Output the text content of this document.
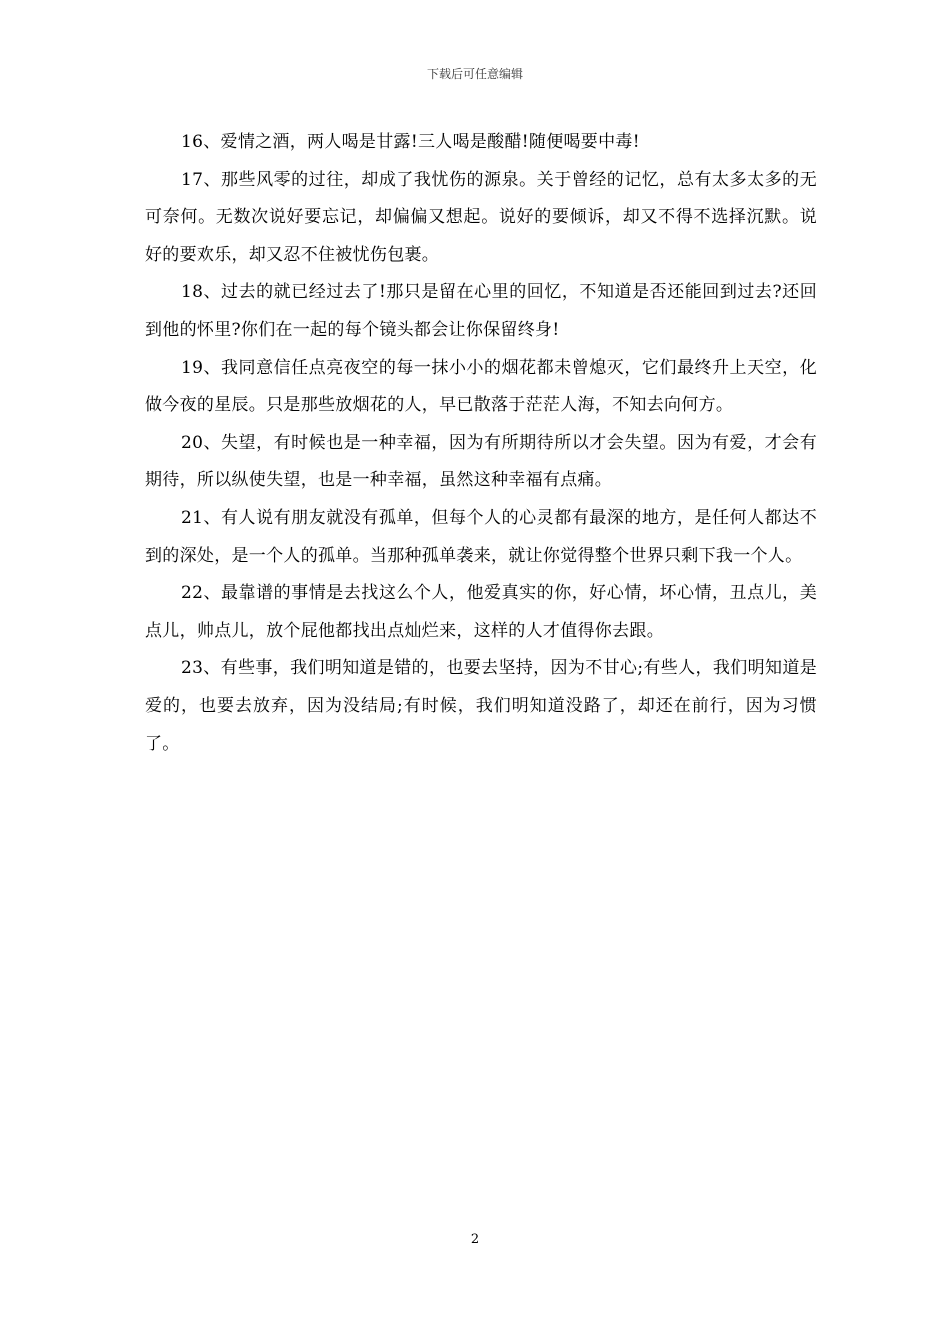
下载后可任意编辑

16、爱情之酒，两人喝是甘露!三人喝是酸醋!随便喝要中毒!

17、那些风零的过往，却成了我忧伤的源泉。关于曾经的记忆，总有太多太多的无可奈何。无数次说好要忘记，却偏偏又想起。说好的要倾诉，却又不得不选择沉默。说好的要欢乐，却又忍不住被忧伤包裹。

18、过去的就已经过去了!那只是留在心里的回忆，不知道是否还能回到过去?还回到他的怀里?你们在一起的每个镜头都会让你保留终身!

19、我同意信任点亮夜空的每一抹小小的烟花都未曾熄灭，它们最终升上天空，化做今夜的星辰。只是那些放烟花的人，早已散落于茫茫人海，不知去向何方。

20、失望，有时候也是一种幸福，因为有所期待所以才会失望。因为有爱，才会有期待，所以纵使失望，也是一种幸福，虽然这种幸福有点痛。

21、有人说有朋友就没有孤单，但每个人的心灵都有最深的地方，是任何人都达不到的深处，是一个人的孤单。当那种孤单袭来，就让你觉得整个世界只剩下我一个人。

22、最靠谱的事情是去找这么个人，他爱真实的你，好心情，坏心情，丑点儿，美点儿，帅点儿，放个屁他都找出点灿烂来，这样的人才值得你去跟。

23、有些事，我们明知道是错的，也要去坚持，因为不甘心;有些人，我们明知道是爱的，也要去放弃，因为没结局;有时候，我们明知道没路了，却还在前行，因为习惯了。

2
